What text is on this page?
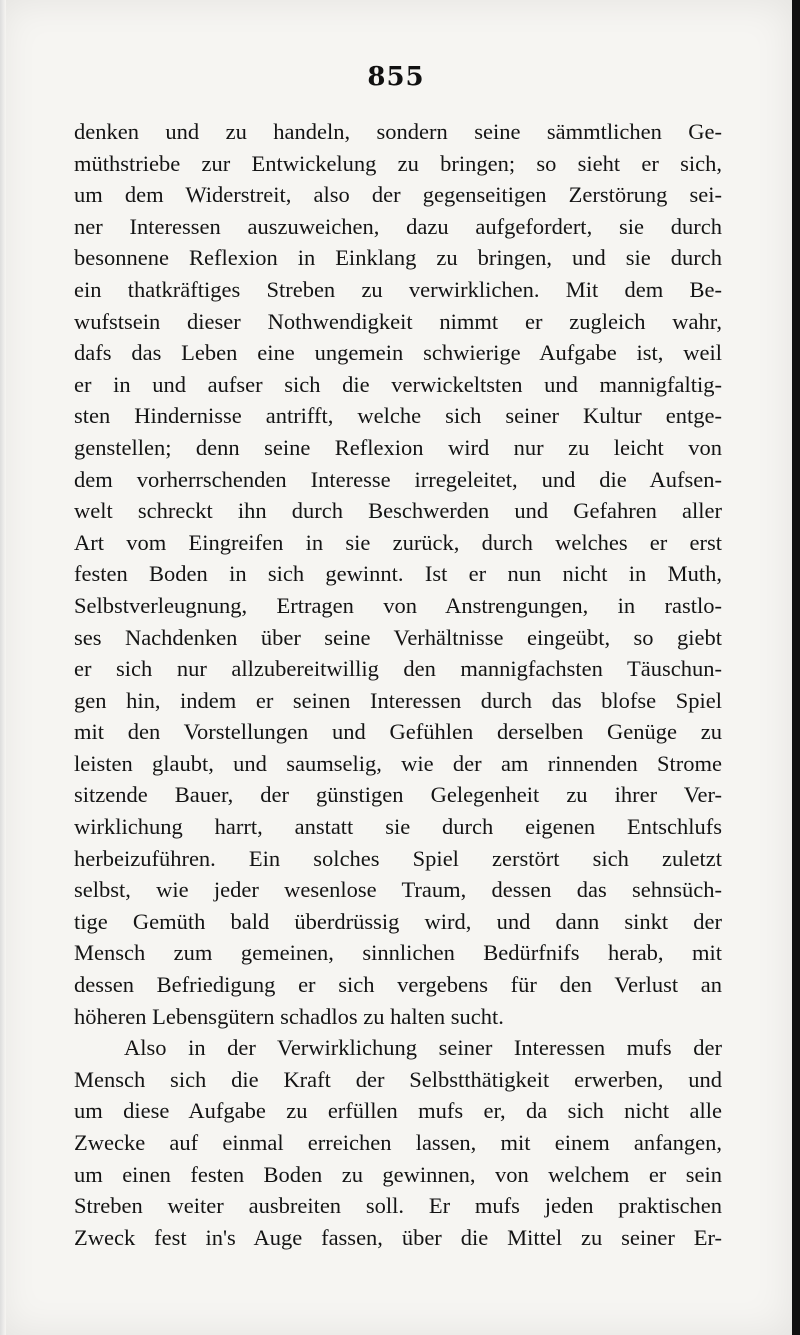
855
denken und zu handeln, sondern seine sämmtlichen Ge-
müthstriebe zur Entwickelung zu bringen; so sieht er sich,
um dem Widerstreit, also der gegenseitigen Zerstörung sei-
ner Interessen auszuweichen, dazu aufgefordert, sie durch
besonnene Reflexion in Einklang zu bringen, und sie durch
ein thatkräftiges Streben zu verwirklichen. Mit dem Be-
wufstsein dieser Nothwendigkeit nimmt er zugleich wahr,
dafs das Leben eine ungemein schwierige Aufgabe ist, weil
er in und aufser sich die verwickeltsten und mannigfaltig-
sten Hindernisse antrifft, welche sich seiner Kultur entge-
genstellen; denn seine Reflexion wird nur zu leicht von
dem vorherrschenden Interesse irregeleitet, und die Aufsen-
welt schreckt ihn durch Beschwerden und Gefahren aller
Art vom Eingreifen in sie zurück, durch welches er erst
festen Boden in sich gewinnt. Ist er nun nicht in Muth,
Selbstverleugnung, Ertragen von Anstrengungen, in rastlo-
ses Nachdenken über seine Verhältnisse eingeübt, so giebt
er sich nur allzubereitwillig den mannigfachsten Täuschun-
gen hin, indem er seinen Interessen durch das blofse Spiel
mit den Vorstellungen und Gefühlen derselben Genüge zu
leisten glaubt, und saumselig, wie der am rinnenden Strome
sitzende Bauer, der günstigen Gelegenheit zu ihrer Ver-
wirklichung harrt, anstatt sie durch eigenen Entschlufs
herbeizuführen. Ein solches Spiel zerstört sich zuletzt
selbst, wie jeder wesenlose Traum, dessen das sehnsüch-
tige Gemüth bald überdrüssig wird, und dann sinkt der
Mensch zum gemeinen, sinnlichen Bedürfnifs herab, mit
dessen Befriedigung er sich vergebens für den Verlust an
höheren Lebensgütern schadlos zu halten sucht.
Also in der Verwirklichung seiner Interessen mufs der
Mensch sich die Kraft der Selbstthätigkeit erwerben, und
um diese Aufgabe zu erfüllen mufs er, da sich nicht alle
Zwecke auf einmal erreichen lassen, mit einem anfangen,
um einen festen Boden zu gewinnen, von welchem er sein
Streben weiter ausbreiten soll. Er mufs jeden praktischen
Zweck fest in's Auge fassen, über die Mittel zu seiner Er-
